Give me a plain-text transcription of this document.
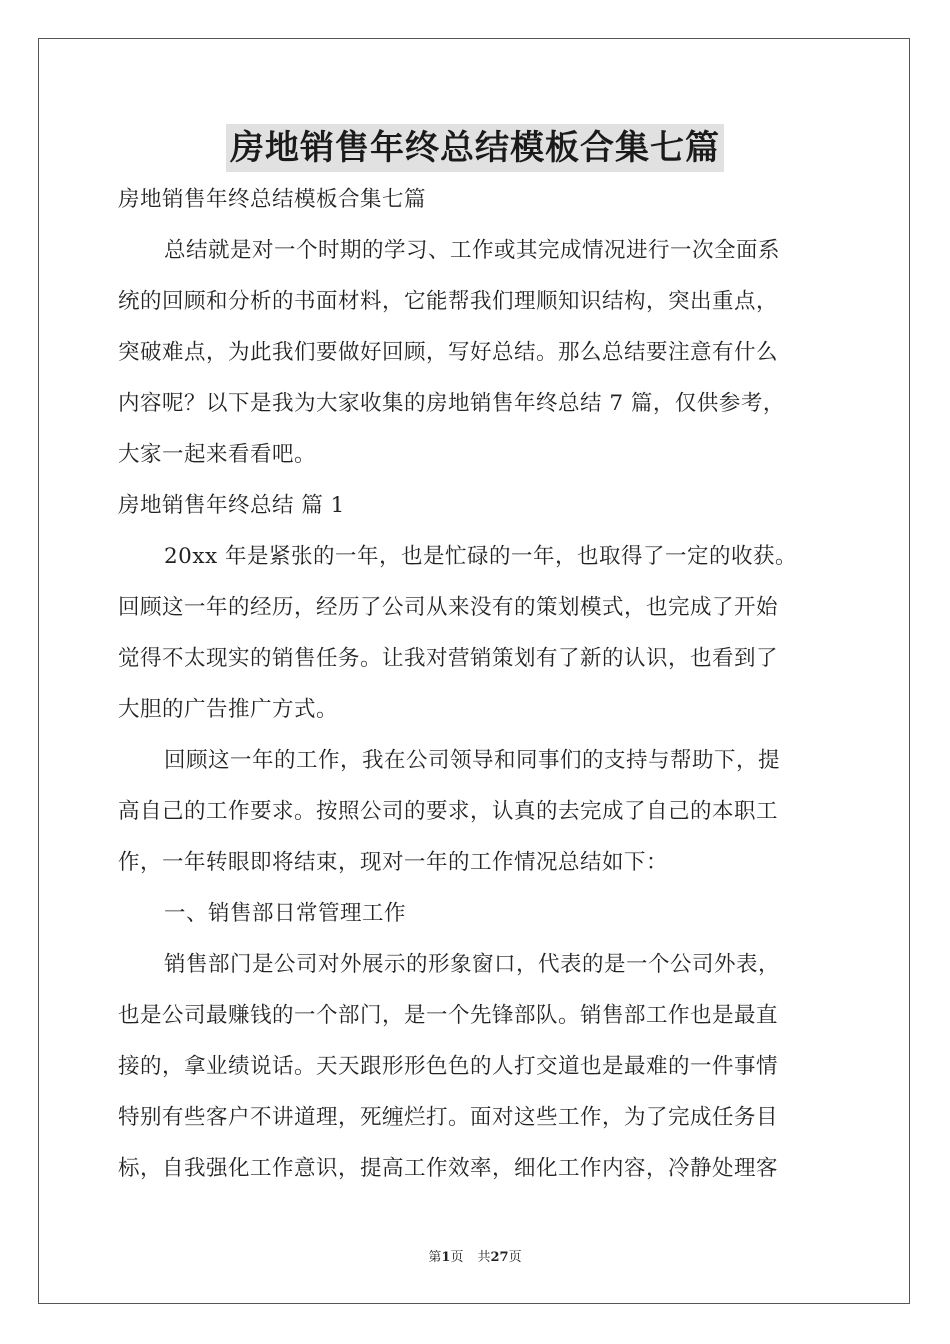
房地销售年终总结模板合集七篇
房地销售年终总结模板合集七篇
总结就是对一个时期的学习、工作或其完成情况进行一次全面系
统的回顾和分析的书面材料，它能帮我们理顺知识结构，突出重点，
突破难点，为此我们要做好回顾，写好总结。那么总结要注意有什么
内容呢？以下是我为大家收集的房地销售年终总结 7 篇，仅供参考，
大家一起来看看吧。
房地销售年终总结 篇 1
20xx 年是紧张的一年，也是忙碌的一年，也取得了一定的收获。
回顾这一年的经历，经历了公司从来没有的策划模式，也完成了开始
觉得不太现实的销售任务。让我对营销策划有了新的认识，也看到了
大胆的广告推广方式。
回顾这一年的工作，我在公司领导和同事们的支持与帮助下，提
高自己的工作要求。按照公司的要求，认真的去完成了自己的本职工
作，一年转眼即将结束，现对一年的工作情况总结如下：
一、销售部日常管理工作
销售部门是公司对外展示的形象窗口，代表的是一个公司外表，
也是公司最赚钱的一个部门，是一个先锋部队。销售部工作也是最直
接的，拿业绩说话。天天跟形形色色的人打交道也是最难的一件事情
特别有些客户不讲道理，死缠烂打。面对这些工作，为了完成任务目
标，自我强化工作意识，提高工作效率，细化工作内容，冷静处理客
第1页 共27页
